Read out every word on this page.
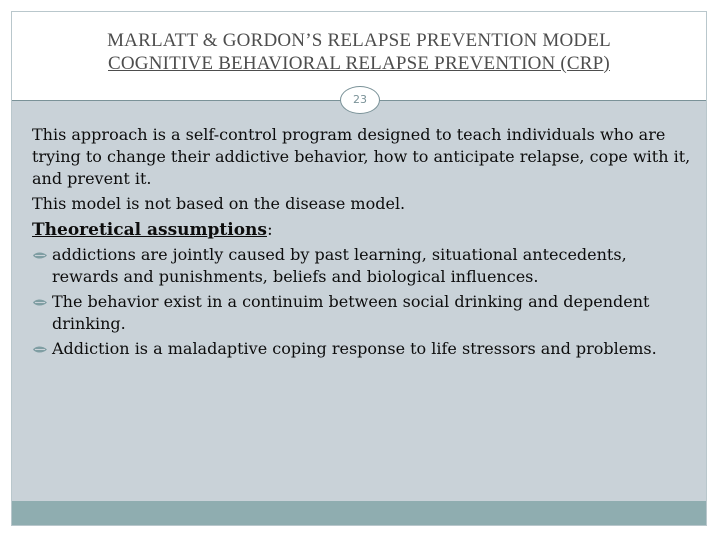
MARLATT & GORDON’S RELAPSE PREVENTION MODEL
COGNITIVE BEHAVIORAL RELAPSE PREVENTION (CRP)
23

This approach is a self-control program designed to teach individuals who are trying to change their addictive behavior, how to anticipate relapse, cope with it, and prevent it.

This model is not based on the disease model.

Theoretical assumptions:

addictions are jointly caused by past learning, situational antecedents, rewards and punishments, beliefs and biological influences.
The behavior exist in a continuim between social drinking and dependent drinking.
Addiction is a maladaptive coping response to life stressors and problems.
